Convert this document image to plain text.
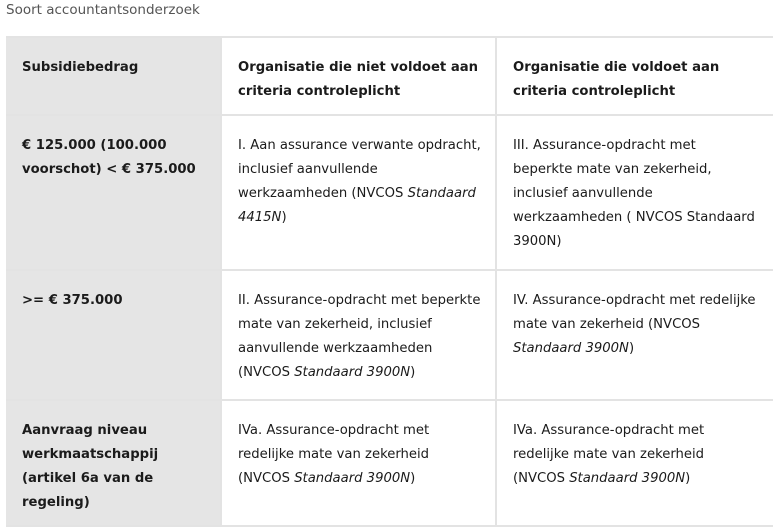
Soort accountantsonderzoek
Subsidiebedrag	Organisatie die niet voldoet aan criteria controleplicht	Organisatie die voldoet aan criteria controleplicht
€ 125.000 (100.000 voorschot) < € 375.000	I. Aan assurance verwante opdracht, inclusief aanvullende werkzaamheden (NVCOS Standaard 4415N)	III. Assurance-opdracht met beperkte mate van zekerheid, inclusief aanvullende werkzaamheden ( NVCOS Standaard 3900N)
>= € 375.000	II. Assurance-opdracht met beperkte mate van zekerheid, inclusief aanvullende werkzaamheden (NVCOS Standaard 3900N)	IV. Assurance-opdracht met redelijke mate van zekerheid (NVCOS Standaard 3900N)
Aanvraag niveau werkmaatschappij (artikel 6a van de regeling)	IVa. Assurance-opdracht met redelijke mate van zekerheid (NVCOS Standaard 3900N)	IVa. Assurance-opdracht met redelijke mate van zekerheid (NVCOS Standaard 3900N)
